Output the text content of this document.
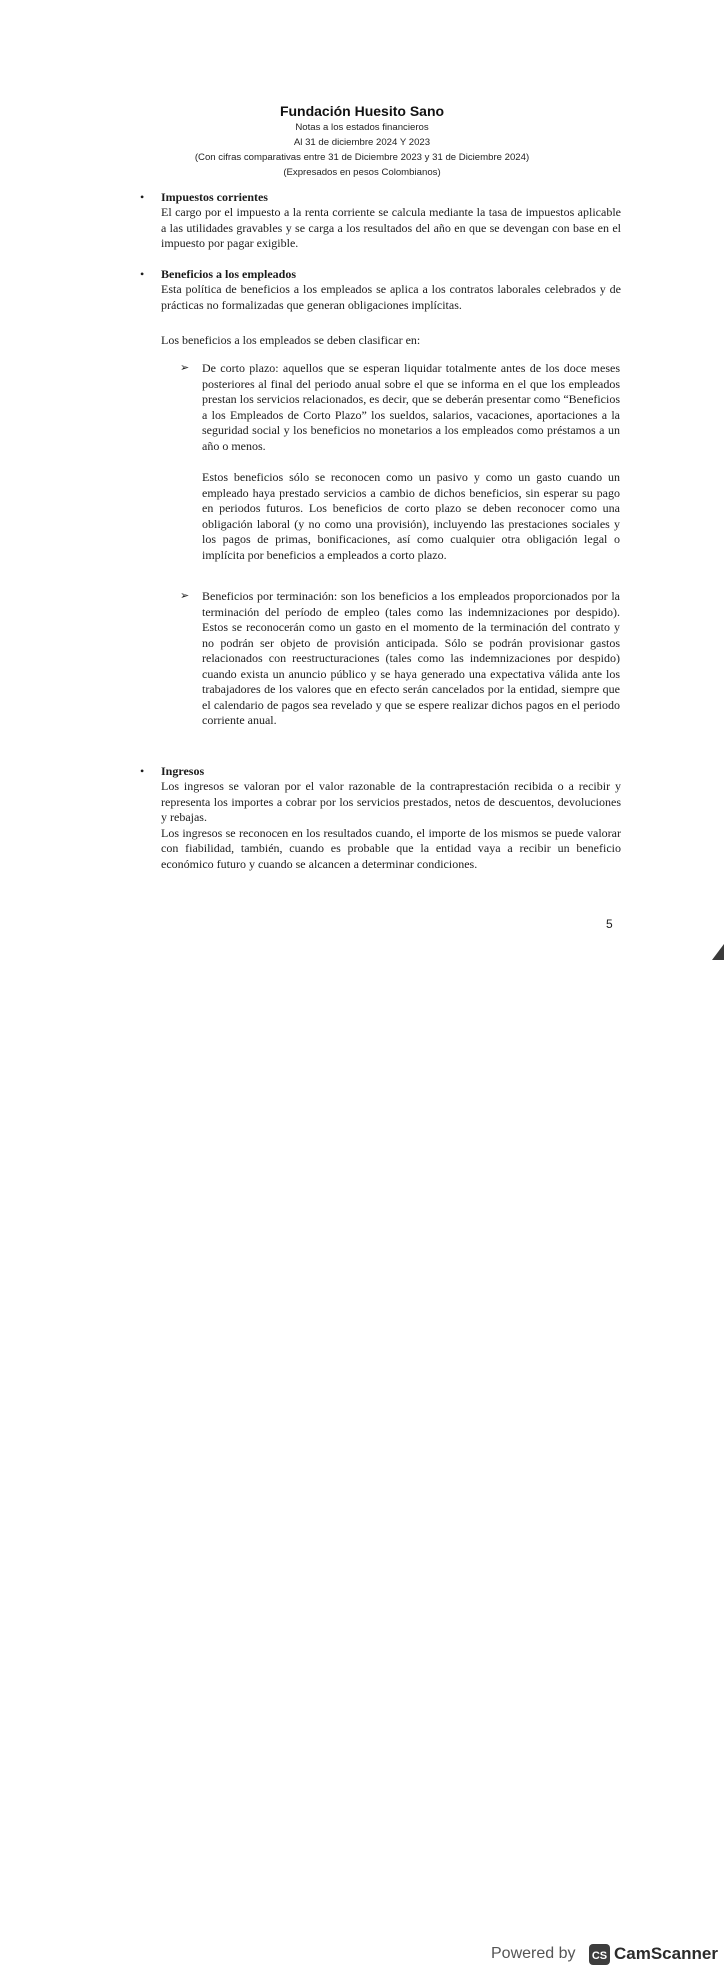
Fundación Huesito Sano
Notas a los estados financieros
Al 31 de diciembre 2024 Y 2023
(Con cifras comparativas entre 31 de Diciembre 2023 y 31 de Diciembre 2024)
(Expresados en pesos Colombianos)
• Impuestos corrientes

El cargo por el impuesto a la renta corriente se calcula mediante la tasa de impuestos aplicable a las utilidades gravables y se carga a los resultados del año en que se devengan con base en el impuesto por pagar exigible.

• Beneficios a los empleados

Esta política de beneficios a los empleados se aplica a los contratos laborales celebrados y de prácticas no formalizadas que generan obligaciones implícitas.

Los beneficios a los empleados se deben clasificar en:

➢ De corto plazo: aquellos que se esperan liquidar totalmente antes de los doce meses posteriores al final del periodo anual sobre el que se informa en el que los empleados prestan los servicios relacionados, es decir, que se deberán presentar como “Beneficios a los Empleados de Corto Plazo” los sueldos, salarios, vacaciones, aportaciones a la seguridad social y los beneficios no monetarios a los empleados como préstamos a un año o menos.

Estos beneficios sólo se reconocen como un pasivo y como un gasto cuando un empleado haya prestado servicios a cambio de dichos beneficios, sin esperar su pago en periodos futuros. Los beneficios de corto plazo se deben reconocer como una obligación laboral (y no como una provisión), incluyendo las prestaciones sociales y los pagos de primas, bonificaciones, así como cualquier otra obligación legal o implícita por beneficios a empleados a corto plazo.

➢ Beneficios por terminación: son los beneficios a los empleados proporcionados por la terminación del período de empleo (tales como las indemnizaciones por despido). Estos se reconocerán como un gasto en el momento de la terminación del contrato y no podrán ser objeto de provisión anticipada. Sólo se podrán provisionar gastos relacionados con reestructuraciones (tales como las indemnizaciones por despido) cuando exista un anuncio público y se haya generado una expectativa válida ante los trabajadores de los valores que en efecto serán cancelados por la entidad, siempre que el calendario de pagos sea revelado y que se espere realizar dichos pagos en el periodo corriente anual.

• Ingresos

Los ingresos se valoran por el valor razonable de la contraprestación recibida o a recibir y representa los importes a cobrar por los servicios prestados, netos de descuentos, devoluciones y rebajas.

Los ingresos se reconocen en los resultados cuando, el importe de los mismos se puede valorar con fiabilidad, también, cuando es probable que la entidad vaya a recibir un beneficio económico futuro y cuando se alcancen a determinar condiciones.

5
Powered by CS CamScanner
